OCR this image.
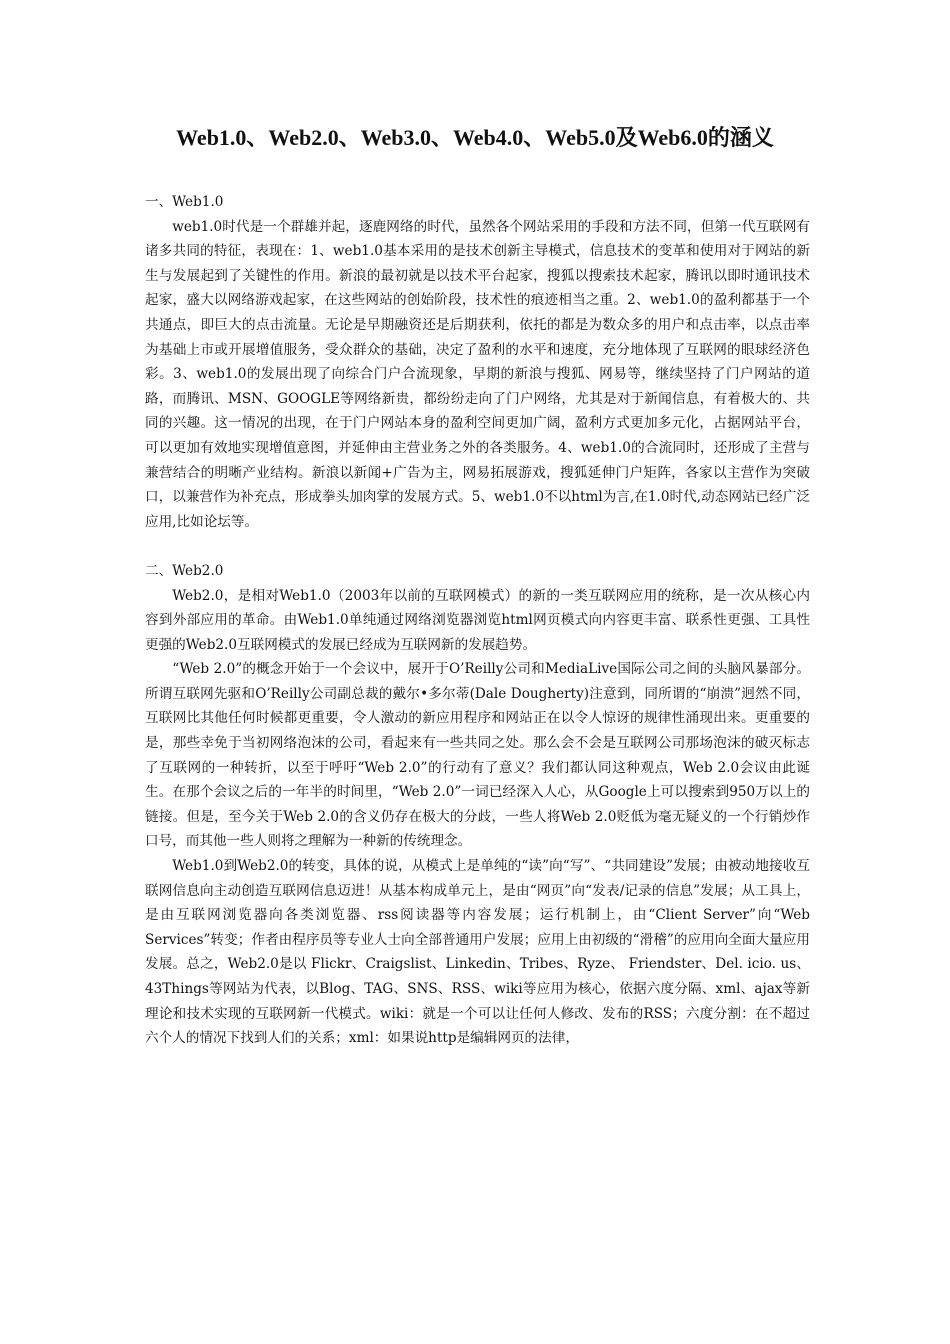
Web1.0、Web2.0、Web3.0、Web4.0、Web5.0及Web6.0的涵义

一、Web1.0

web1.0时代是一个群雄并起，逐鹿网络的时代，虽然各个网站采用的手段和方法不同，但第一代互联网有诸多共同的特征，表现在：1、web1.0基本采用的是技术创新主导模式，信息技术的变革和使用对于网站的新生与发展起到了关键性的作用。新浪的最初就是以技术平台起家，搜狐以搜索技术起家，腾讯以即时通讯技术起家，盛大以网络游戏起家，在这些网站的创始阶段，技术性的痕迹相当之重。2、web1.0的盈利都基于一个共通点，即巨大的点击流量。无论是早期融资还是后期获利，依托的都是为数众多的用户和点击率，以点击率为基础上市或开展增值服务，受众群众的基础，决定了盈利的水平和速度，充分地体现了互联网的眼球经济色彩。3、web1.0的发展出现了向综合门户合流现象，早期的新浪与搜狐、网易等，继续坚持了门户网站的道路，而腾讯、MSN、GOOGLE等网络新贵，都纷纷走向了门户网络，尤其是对于新闻信息，有着极大的、共同的兴趣。这一情况的出现，在于门户网站本身的盈利空间更加广阔，盈利方式更加多元化，占据网站平台，可以更加有效地实现增值意图，并延伸由主营业务之外的各类服务。4、web1.0的合流同时，还形成了主营与兼营结合的明晰产业结构。新浪以新闻+广告为主，网易拓展游戏，搜狐延伸门户矩阵，各家以主营作为突破口，以兼营作为补充点，形成拳头加肉掌的发展方式。5、web1.0不以html为言,在1.0时代,动态网站已经广泛应用,比如论坛等。

二、Web2.0

Web2.0，是相对Web1.0（2003年以前的互联网模式）的新的一类互联网应用的统称，是一次从核心内容到外部应用的革命。由Web1.0单纯通过网络浏览器浏览html网页模式向内容更丰富、联系性更强、工具性更强的Web2.0互联网模式的发展已经成为互联网新的发展趋势。

“Web 2.0”的概念开始于一个会议中，展开于O’Reilly公司和MediaLive国际公司之间的头脑风暴部分。所谓互联网先驱和O’Reilly公司副总裁的戴尔•多尔蒂(Dale Dougherty)注意到，同所谓的“崩溃”迥然不同，互联网比其他任何时候都更重要，令人激动的新应用程序和网站正在以令人惊讶的规律性涌现出来。更重要的是，那些幸免于当初网络泡沫的公司，看起来有一些共同之处。那么会不会是互联网公司那场泡沫的破灭标志了互联网的一种转折，以至于呼吁“Web 2.0”的行动有了意义？我们都认同这种观点，Web 2.0会议由此诞生。在那个会议之后的一年半的时间里，“Web 2.0”一词已经深入人心，从Google上可以搜索到950万以上的链接。但是，至今关于Web 2.0的含义仍存在极大的分歧，一些人将Web 2.0贬低为毫无疑义的一个行销炒作口号，而其他一些人则将之理解为一种新的传统理念。

Web1.0到Web2.0的转变，具体的说，从模式上是单纯的“读”向“写”、“共同建设”发展；由被动地接收互联网信息向主动创造互联网信息迈进！从基本构成单元上，是由“网页”向“发表/记录的信息”发展；从工具上，是由互联网浏览器向各类浏览器、rss阅读器等内容发展；运行机制上，由“Client Server”向“Web Services”转变；作者由程序员等专业人士向全部普通用户发展；应用上由初级的“滑稽”的应用向全面大量应用发展。总之，Web2.0是以 Flickr、Craigslist、Linkedin、Tribes、Ryze、 Friendster、Del. icio. us、43Things等网站为代表，以Blog、TAG、SNS、RSS、wiki等应用为核心，依据六度分隔、xml、ajax等新理论和技术实现的互联网新一代模式。wiki：就是一个可以让任何人修改、发布的RSS；六度分割：在不超过六个人的情况下找到人们的关系；xml：如果说http是编辑网页的法律，
